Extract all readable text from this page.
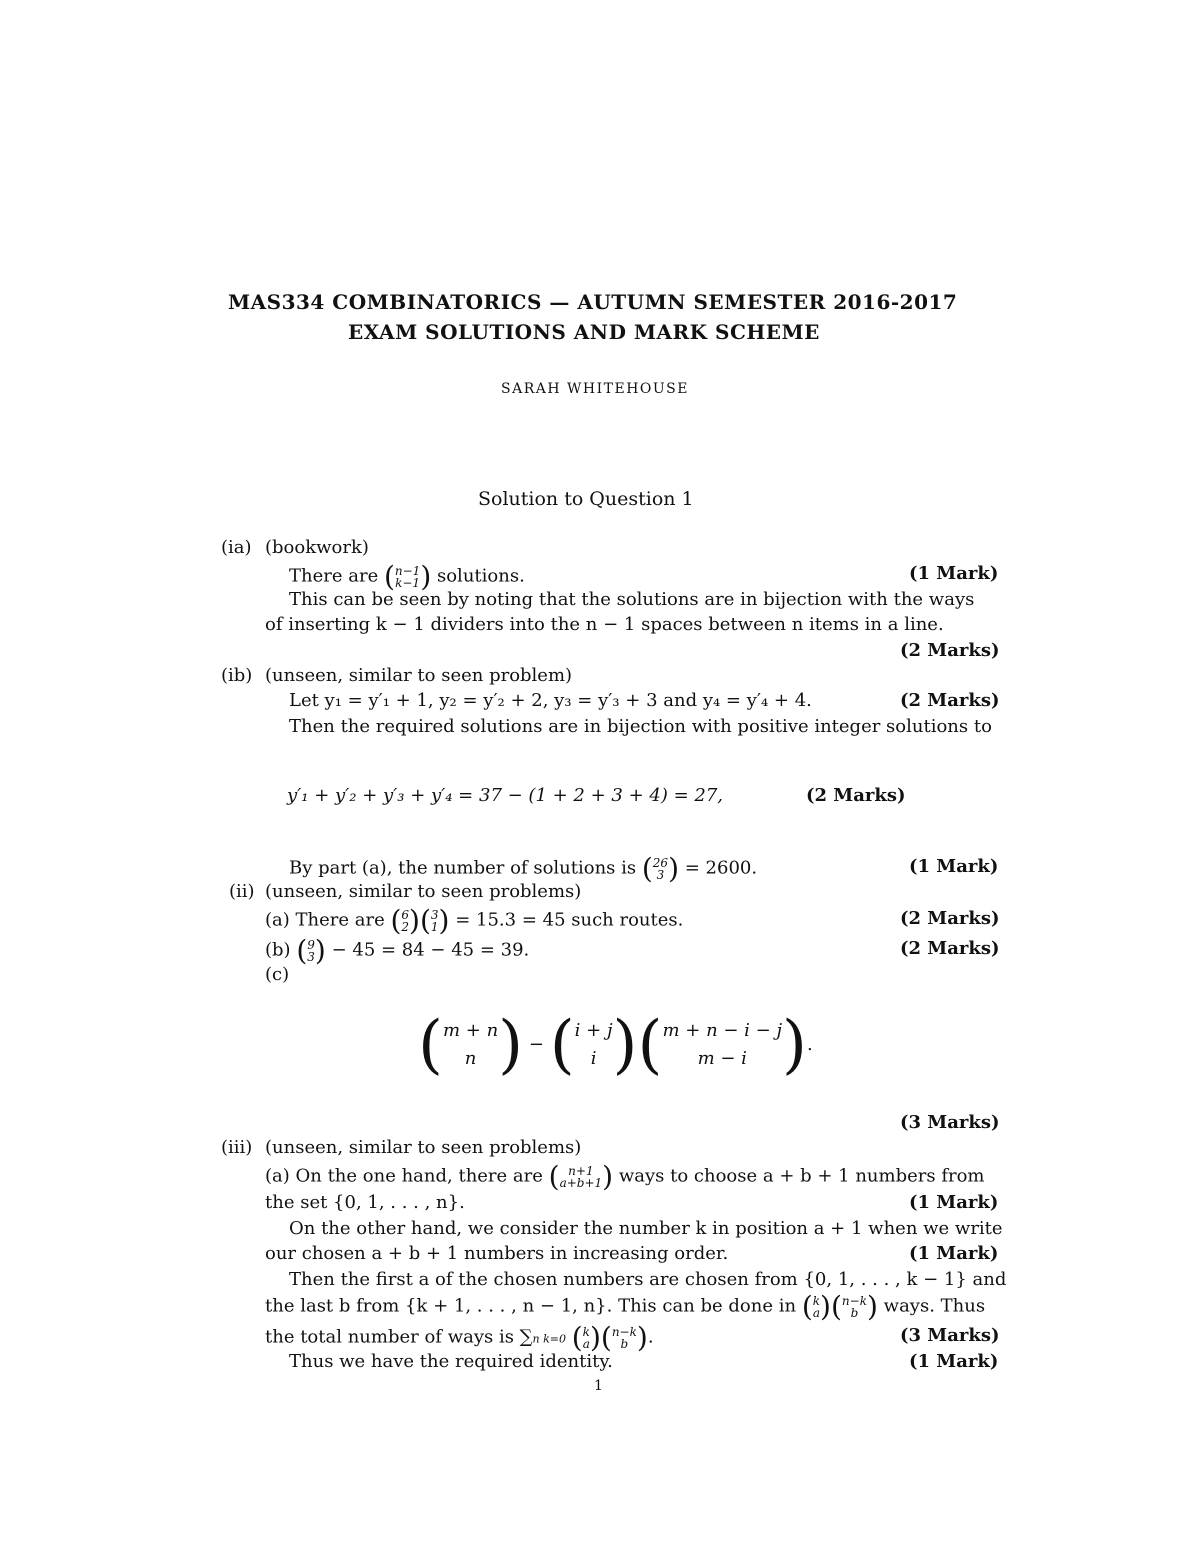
MAS334 COMBINATORICS — AUTUMN SEMESTER 2016-2017
EXAM SOLUTIONS AND MARK SCHEME
SARAH WHITEHOUSE
Solution to Question 1
(ia) (bookwork)
There are (n−1
k−1) solutions.	(1 Mark)
This can be seen by noting that the solutions are in bijection with the ways
of inserting k − 1 dividers into the n − 1 spaces between n items in a line.
(2 Marks)
(ib) (unseen, similar to seen problem)
Let y₁ = y′₁ + 1, y₂ = y′₂ + 2, y₃ = y′₃ + 3 and y₄ = y′₄ + 4.	(2 Marks)
Then the required solutions are in bijection with positive integer solutions to
y′₁ + y′₂ + y′₃ + y′₄ = 37 − (1 + 2 + 3 + 4) = 27,	(2 Marks)
By part (a), the number of solutions is (26
3 ) = 2600.	(1 Mark)
(ii) (unseen, similar to seen problems)
(a) There are (6
2)(3
1) = 15.3 = 45 such routes.	(2 Marks)
(b) (9
3) − 45 = 84 − 45 = 39.	(2 Marks)
(c)
(m + n
n ) − (i + j
i )(m + n − i − j
m − i ).
(3 Marks)
(iii) (unseen, similar to seen problems)
(a) On the one hand, there are ( n+1
a+b+1) ways to choose a + b + 1 numbers from
the set {0, 1, . . . , n}.	(1 Mark)
On the other hand, we consider the number k in position a + 1 when we write
our chosen a + b + 1 numbers in increasing order.	(1 Mark)
Then the first a of the chosen numbers are chosen from {0, 1, . . . , k − 1} and
the last b from {k + 1, . . . , n − 1, n}. This can be done in (k
a)(n−k
b ) ways. Thus
the total number of ways is ∑n k=0 (k
a)(n−k
b ).	(3 Marks)
Thus we have the required identity.	(1 Mark)
1
